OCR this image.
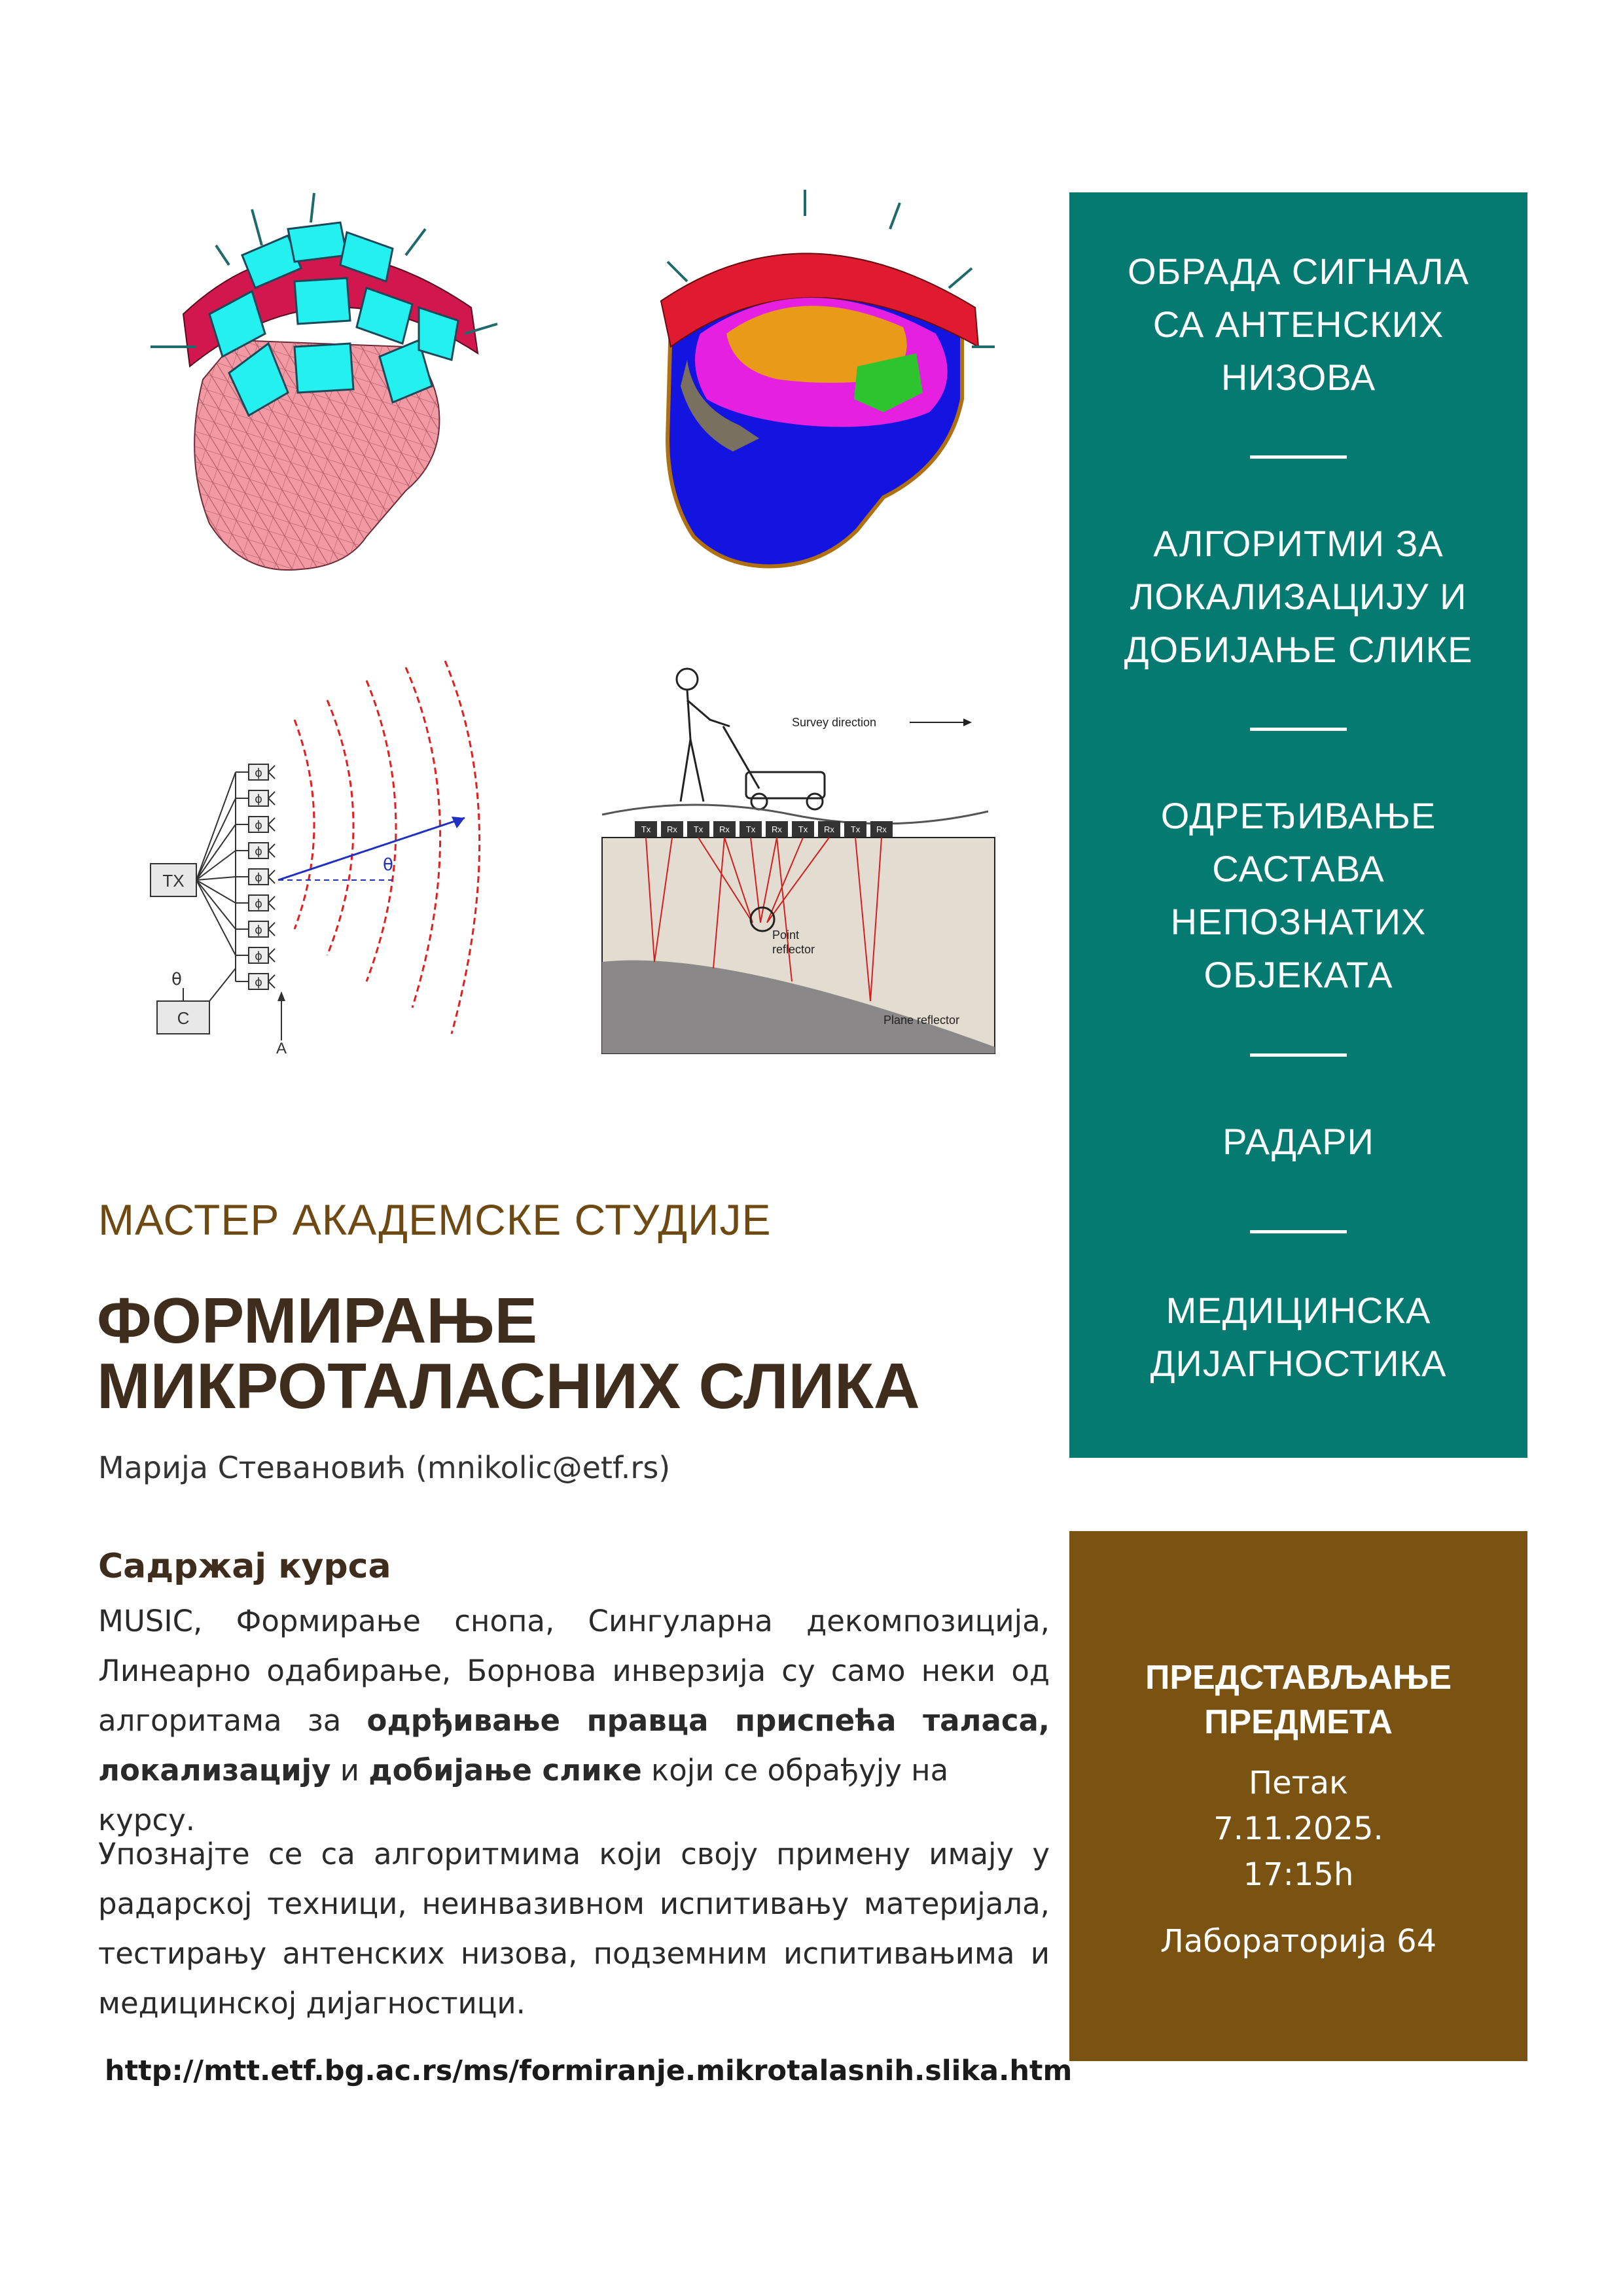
TX
C
θ
ϕ
ϕ
ϕ
ϕ
ϕ
ϕ
ϕ
ϕ
ϕ
θ
A
Survey direction
Tx Rx Tx Rx Tx Rx Tx Rx Tx Rx
Point
reflector
Plane reflector
ОБРАДА СИГНАЛА
СА АНТЕНСКИХ
НИЗОВА
АЛГОРИТМИ ЗА
ЛОКАЛИЗАЦИЈУ И
ДОБИЈАЊЕ СЛИКЕ
ОДРЕЂИВАЊЕ
САСТАВА
НЕПОЗНАТИХ
ОБЈЕКАТА
РАДАРИ
МЕДИЦИНСКА
ДИЈАГНОСТИКА
ПРЕДСТАВЉАЊЕ
ПРЕДМЕТА
Петак
7.11.2025.
17:15h
Лабораторија 64
МАСТЕР АКАДЕМСКЕ СТУДИЈЕ
ФОРМИРАЊЕ
МИКРОТАЛАСНИХ СЛИКА
Марија Стевановић (mnikolic@etf.rs)
Садржај курса
MUSIC, Формирање снопа, Сингуларна декомпозиција,
Линеарно одабирање, Борнова инверзија су само неки од
алгоритама за одрђивање правца приспећа таласа,
локализацију и добијање слике који се обрађују на курсу.
Упознајте се са алгоритмима који своју примену имају у
радарској техници, неинвазивном испитивању материјала,
тестирању антенских низова, подземним испитивањима и
медицинској дијагностици.
http://mtt.etf.bg.ac.rs/ms/formiranje.mikrotalasnih.slika.htm
